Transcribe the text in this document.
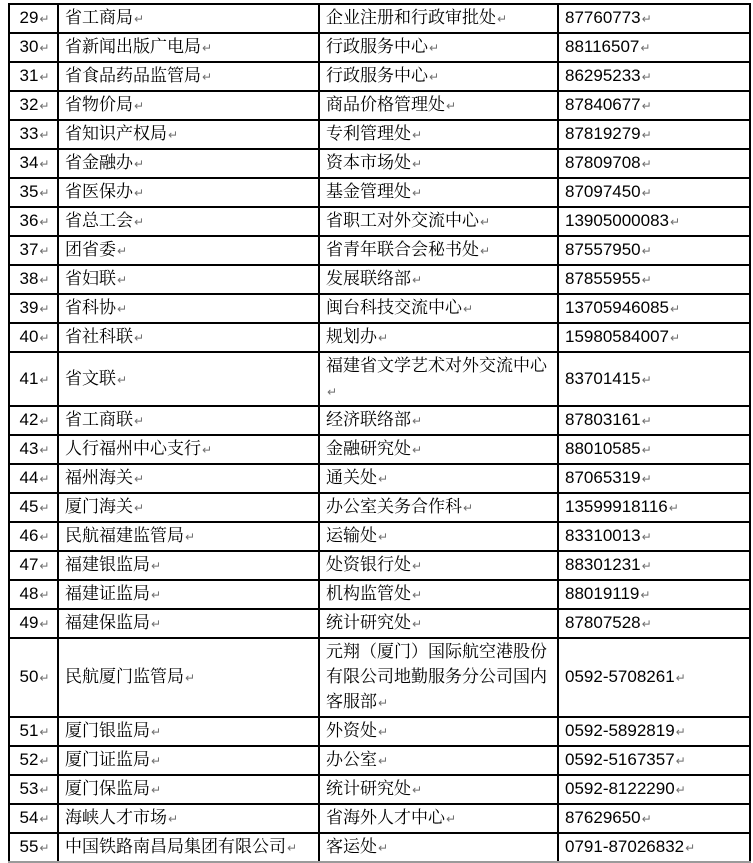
29↵	省工商局↵	企业注册和行政审批处↵	87760773↵
30↵	省新闻出版广电局↵	行政服务中心↵	88116507↵
31↵	省食品药品监管局↵	行政服务中心↵	86295233↵
32↵	省物价局↵	商品价格管理处↵	87840677↵
33↵	省知识产权局↵	专利管理处↵	87819279↵
34↵	省金融办↵	资本市场处↵	87809708↵
35↵	省医保办↵	基金管理处↵	87097450↵
36↵	省总工会↵	省职工对外交流中心↵	13905000083↵
37↵	团省委↵	省青年联合会秘书处↵	87557950↵
38↵	省妇联↵	发展联络部↵	87855955↵
39↵	省科协↵	闽台科技交流中心↵	13705946085↵
40↵	省社科联↵	规划办↵	15980584007↵
41↵	省文联↵	福建省文学艺术对外交流中心↵	83701415↵
42↵	省工商联↵	经济联络部↵	87803161↵
43↵	人行福州中心支行↵	金融研究处↵	88010585↵
44↵	福州海关↵	通关处↵	87065319↵
45↵	厦门海关↵	办公室关务合作科↵	13599918116↵
46↵	民航福建监管局↵	运输处↵	83310013↵
47↵	福建银监局↵	处资银行处↵	88301231↵
48↵	福建证监局↵	机构监管处↵	88019119↵
49↵	福建保监局↵	统计研究处↵	87807528↵
50↵	民航厦门监管局↵	元翔（厦门）国际航空港股份有限公司地勤服务分公司国内客服部↵	0592-5708261↵
51↵	厦门银监局↵	外资处↵	0592-5892819↵
52↵	厦门证监局↵	办公室↵	0592-5167357↵
53↵	厦门保监局↵	统计研究处↵	0592-8122290↵
54↵	海峡人才市场↵	省海外人才中心↵	87629650↵
55↵	中国铁路南昌局集团有限公司↵	客运处↵	0791-87026832↵
